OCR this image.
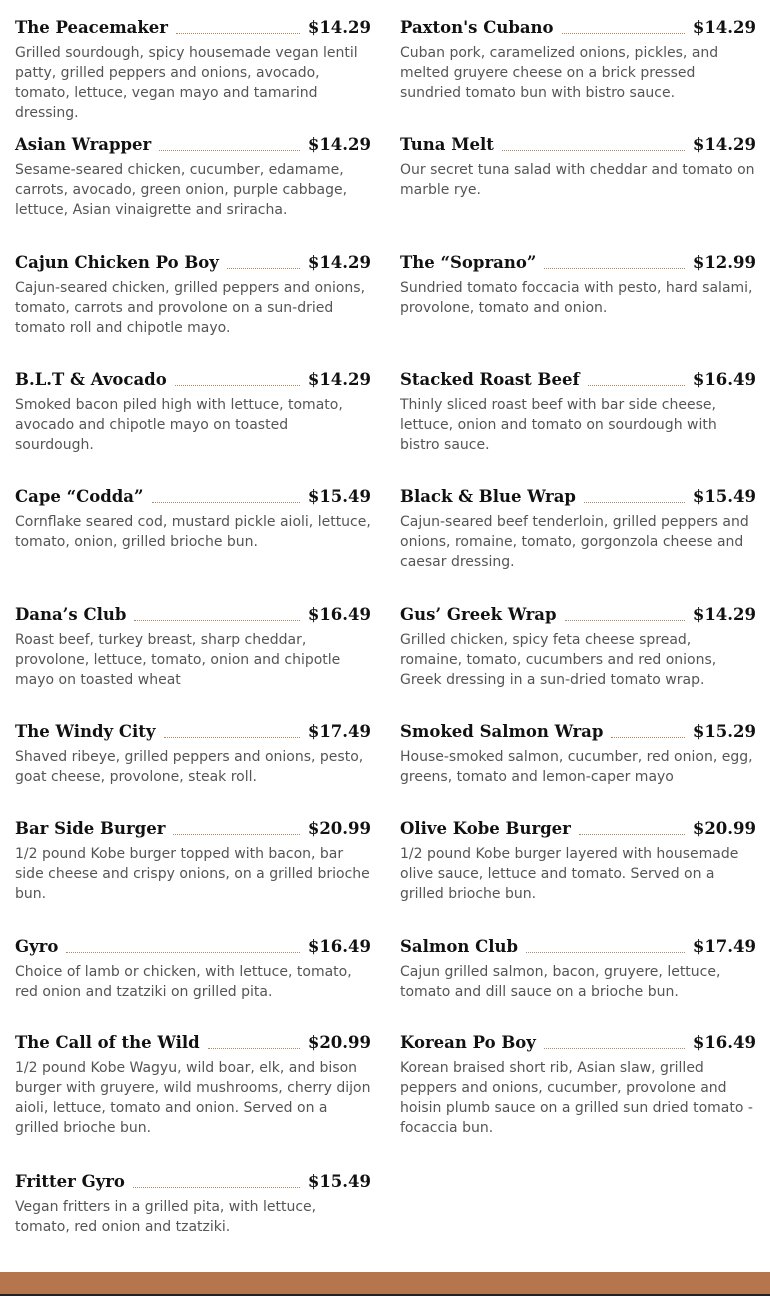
The Peacemaker	$14.29
Grilled sourdough, spicy housemade vegan lentil patty, grilled peppers and onions, avocado, tomato, lettuce, vegan mayo and tamarind dressing.
Asian Wrapper	$14.29
Sesame-seared chicken, cucumber, edamame, carrots, avocado, green onion, purple cabbage, lettuce, Asian vinaigrette and sriracha.
Cajun Chicken Po Boy	$14.29
Cajun-seared chicken, grilled peppers and onions, tomato, carrots and provolone on a sun-dried tomato roll and chipotle mayo.
B.L.T & Avocado	$14.29
Smoked bacon piled high with lettuce, tomato, avocado and chipotle mayo on toasted sourdough.
Cape “Codda”	$15.49
Cornflake seared cod, mustard pickle aioli, lettuce, tomato, onion, grilled brioche bun.
Dana’s Club	$16.49
Roast beef, turkey breast, sharp cheddar, provolone, lettuce, tomato, onion and chipotle mayo on toasted wheat
The Windy City	$17.49
Shaved ribeye, grilled peppers and onions, pesto, goat cheese, provolone, steak roll.
Bar Side Burger	$20.99
1/2 pound Kobe burger topped with bacon, bar side cheese and crispy onions, on a grilled brioche bun.
Gyro	$16.49
Choice of lamb or chicken, with lettuce, tomato, red onion and tzatziki on grilled pita.
The Call of the Wild	$20.99
1/2 pound Kobe Wagyu, wild boar, elk, and bison burger with gruyere, wild mushrooms, cherry dijon aioli, lettuce, tomato and onion. Served on a grilled brioche bun.
Fritter Gyro	$15.49
Vegan fritters in a grilled pita, with lettuce, tomato, red onion and tzatziki.
Paxton's Cubano	$14.29
Cuban pork, caramelized onions, pickles, and melted gruyere cheese on a brick pressed sundried tomato bun with bistro sauce.
Tuna Melt	$14.29
Our secret tuna salad with cheddar and tomato on marble rye.
The “Soprano”	$12.99
Sundried tomato foccacia with pesto, hard salami, provolone, tomato and onion.
Stacked Roast Beef	$16.49
Thinly sliced roast beef with bar side cheese, lettuce, onion and tomato on sourdough with bistro sauce.
Black & Blue Wrap	$15.49
Cajun-seared beef tenderloin, grilled peppers and onions, romaine, tomato, gorgonzola cheese and caesar dressing.
Gus’ Greek Wrap	$14.29
Grilled chicken, spicy feta cheese spread, romaine, tomato, cucumbers and red onions, Greek dressing in a sun-dried tomato wrap.
Smoked Salmon Wrap	$15.29
House-smoked salmon, cucumber, red onion, egg, greens, tomato and lemon-caper mayo
Olive Kobe Burger	$20.99
1/2 pound Kobe burger layered with housemade olive sauce, lettuce and tomato. Served on a grilled brioche bun.
Salmon Club	$17.49
Cajun grilled salmon, bacon, gruyere, lettuce, tomato and dill sauce on a brioche bun.
Korean Po Boy	$16.49
Korean braised short rib, Asian slaw, grilled peppers and onions, cucumber, provolone and hoisin plumb sauce on a grilled sun dried tomato - focaccia bun.
